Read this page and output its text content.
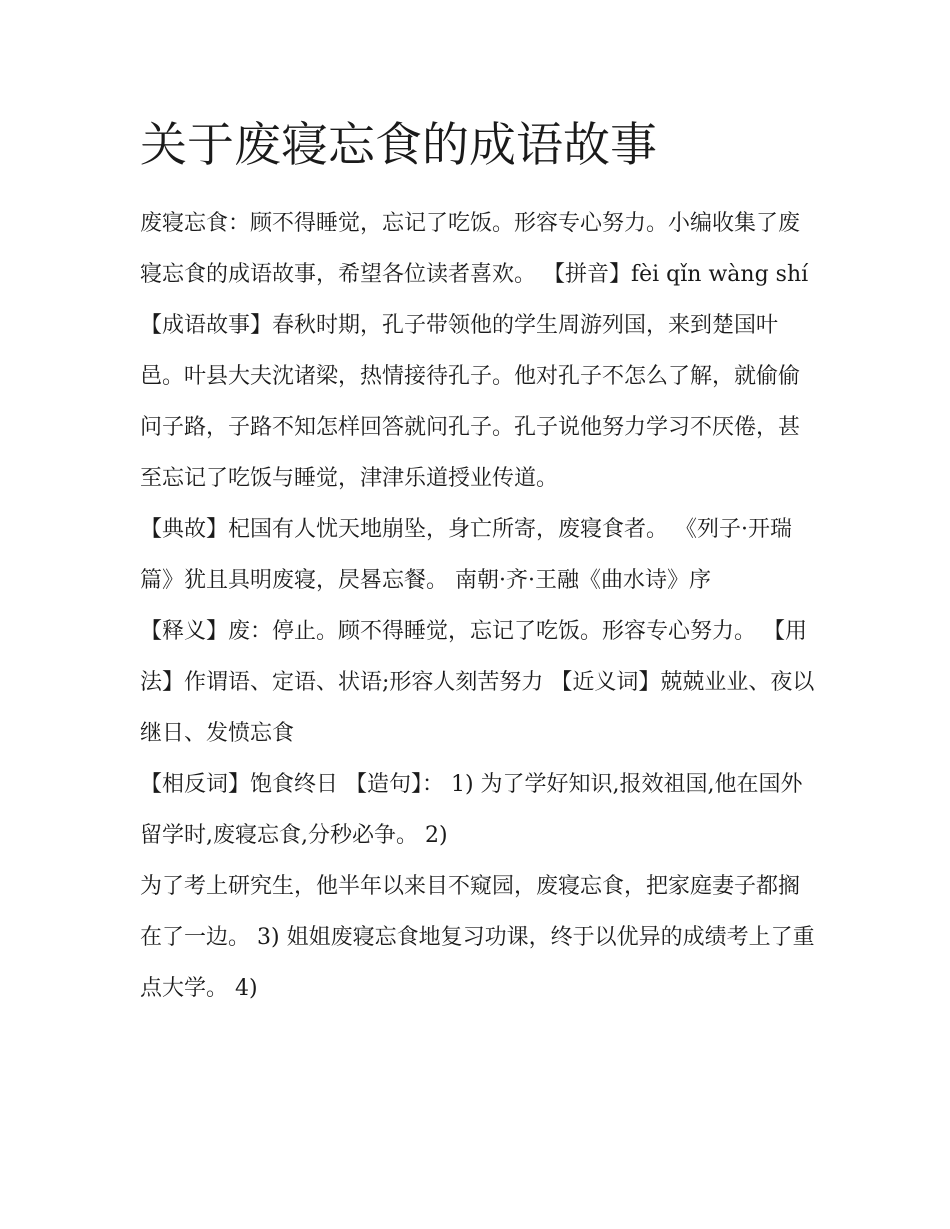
关于废寝忘食的成语故事

废寝忘食：顾不得睡觉，忘记了吃饭。形容专心努力。小编收集了废寝忘食的成语故事，希望各位读者喜欢。 【拼音】fèi qǐn wàng shí

【成语故事】春秋时期，孔子带领他的学生周游列国，来到楚国叶邑。叶县大夫沈诸梁，热情接待孔子。他对孔子不怎么了解，就偷偷问子路，子路不知怎样回答就问孔子。孔子说他努力学习不厌倦，甚至忘记了吃饭与睡觉，津津乐道授业传道。

【典故】杞国有人忧天地崩坠，身亡所寄，废寝食者。 《列子·开瑞篇》犹且具明废寝，昃晷忘餐。 南朝·齐·王融《曲水诗》序

【释义】废：停止。顾不得睡觉，忘记了吃饭。形容专心努力。 【用法】作谓语、定语、状语;形容人刻苦努力 【近义词】兢兢业业、夜以继日、发愤忘食

【相反词】饱食终日 【造句】： 1) 为了学好知识,报效祖国,他在国外留学时,废寝忘食,分秒必争。 2)

为了考上研究生，他半年以来目不窥园，废寝忘食，把家庭妻子都搁在了一边。 3) 姐姐废寝忘食地复习功课，终于以优异的成绩考上了重点大学。 4)
